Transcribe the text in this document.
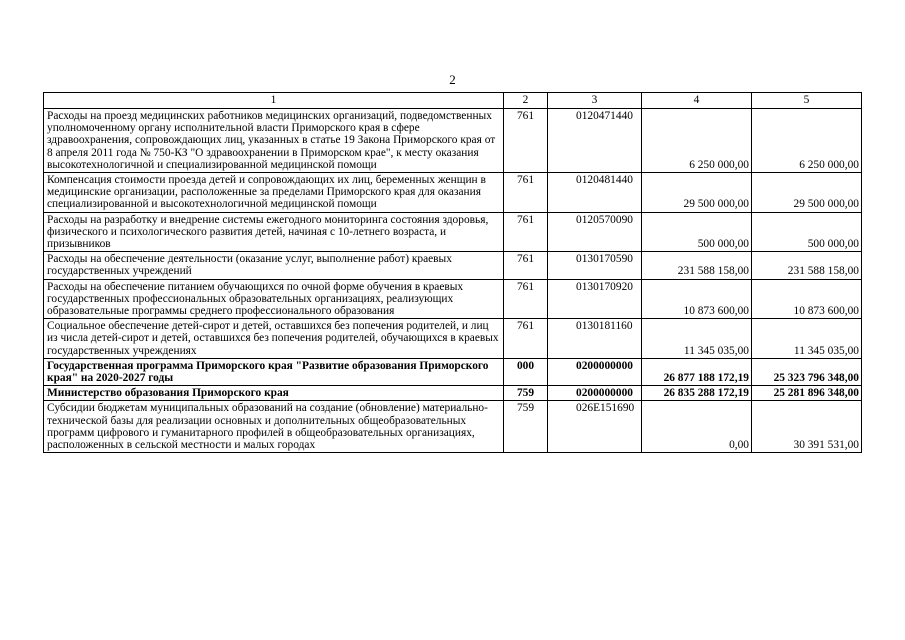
2
1	2	3	4	5
Расходы на проезд медицинских работников медицинских организаций, подведомственных уполномоченному органу исполнительной власти Приморского края в сфере здравоохранения, сопровождающих лиц, указанных в статье 19 Закона Приморского края от 8 апреля 2011 года № 750-КЗ "О здравоохранении в Приморском крае", к месту оказания высокотехнологичной и специализированной медицинской помощи	761	0120471440	6 250 000,00	6 250 000,00
Компенсация стоимости проезда детей и сопровождающих их лиц, беременных женщин в медицинские организации, расположенные за пределами Приморского края для оказания специализированной и высокотехнологичной медицинской помощи	761	0120481440	29 500 000,00	29 500 000,00
Расходы на разработку и внедрение системы ежегодного мониторинга состояния здоровья, физического и психологического развития детей, начиная с 10-летнего возраста, и призывников	761	0120570090	500 000,00	500 000,00
Расходы на обеспечение деятельности (оказание услуг, выполнение работ) краевых государственных учреждений	761	0130170590	231 588 158,00	231 588 158,00
Расходы на обеспечение питанием обучающихся по очной форме обучения в краевых государственных профессиональных образовательных организациях, реализующих образовательные программы среднего профессионального образования	761	0130170920	10 873 600,00	10 873 600,00
Социальное обеспечение детей-сирот и детей, оставшихся без попечения родителей, и лиц из числа детей-сирот и детей, оставшихся без попечения родителей, обучающихся в краевых государственных учреждениях	761	0130181160	11 345 035,00	11 345 035,00
Государственная программа Приморского края "Развитие образования Приморского края" на 2020-2027 годы	000	0200000000	26 877 188 172,19	25 323 796 348,00
Министерство образования Приморского края	759	0200000000	26 835 288 172,19	25 281 896 348,00
Субсидии бюджетам муниципальных образований на создание (обновление) материально-технической базы для реализации основных и дополнительных общеобразовательных программ цифрового и гуманитарного профилей в общеобразовательных организациях, расположенных в сельской местности и малых городах	759	026E151690	0,00	30 391 531,00
